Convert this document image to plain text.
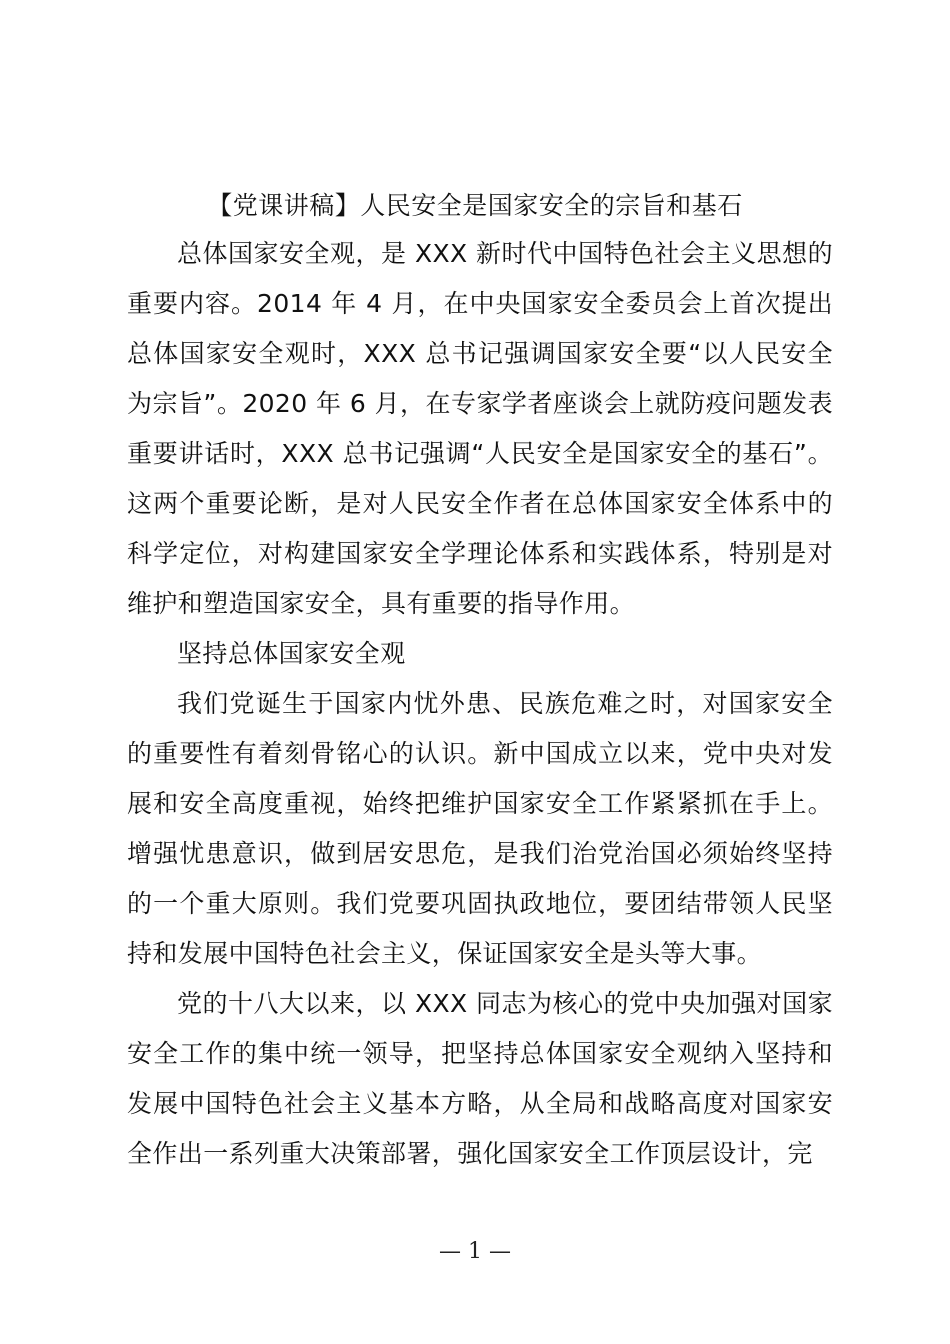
【党课讲稿】人民安全是国家安全的宗旨和基石

总体国家安全观，是 XXX 新时代中国特色社会主义思想的重要内容。2014 年 4 月，在中央国家安全委员会上首次提出总体国家安全观时，XXX 总书记强调国家安全要“以人民安全为宗旨”。2020 年 6 月，在专家学者座谈会上就防疫问题发表重要讲话时，XXX 总书记强调“人民安全是国家安全的基石”。这两个重要论断，是对人民安全作者在总体国家安全体系中的科学定位，对构建国家安全学理论体系和实践体系，特别是对维护和塑造国家安全，具有重要的指导作用。

坚持总体国家安全观

我们党诞生于国家内忧外患、民族危难之时，对国家安全的重要性有着刻骨铭心的认识。新中国成立以来，党中央对发展和安全高度重视，始终把维护国家安全工作紧紧抓在手上。增强忧患意识，做到居安思危，是我们治党治国必须始终坚持的一个重大原则。我们党要巩固执政地位，要团结带领人民坚持和发展中国特色社会主义，保证国家安全是头等大事。

党的十八大以来，以 XXX 同志为核心的党中央加强对国家安全工作的集中统一领导，把坚持总体国家安全观纳入坚持和发展中国特色社会主义基本方略，从全局和战略高度对国家安全作出一系列重大决策部署，强化国家安全工作顶层设计，完

— 1 —
